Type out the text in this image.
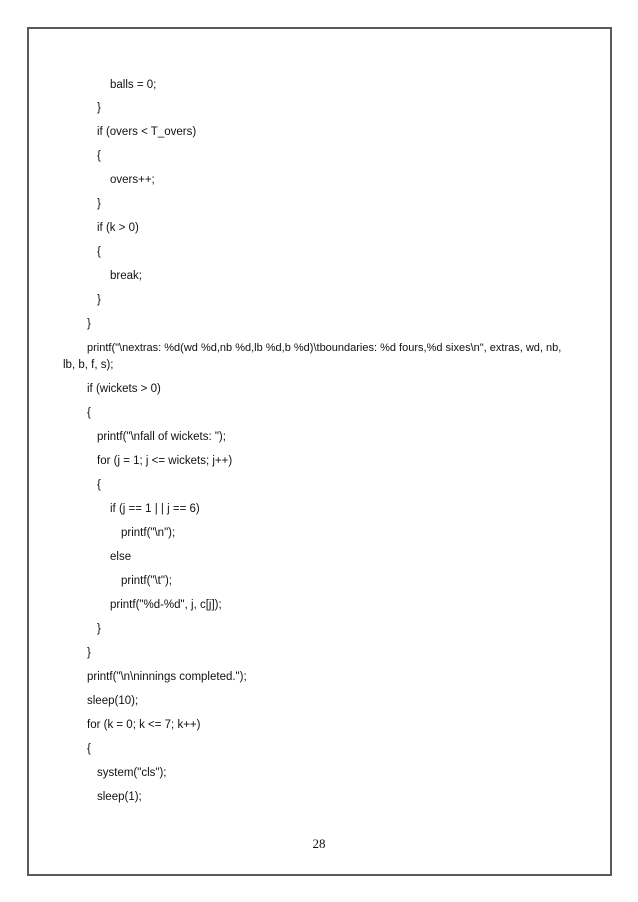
balls = 0;
}
if (overs < T_overs)
{
overs++;
}
if (k > 0)
{
break;
}
}
printf("\nextras: %d(wd %d,nb %d,lb %d,b %d)\tboundaries: %d fours,%d sixes\n", extras, wd, nb,
lb, b, f, s);
if (wickets > 0)
{
printf("\nfall of wickets: ");
for (j = 1; j <= wickets; j++)
{
if (j == 1 | | j == 6)
printf("\n");
else
printf("\t");
printf("%d-%d", j, c[j]);
}
}
printf("\n\ninnings completed.");
sleep(10);
for (k = 0; k <= 7; k++)
{
system("cls");
sleep(1);
28
